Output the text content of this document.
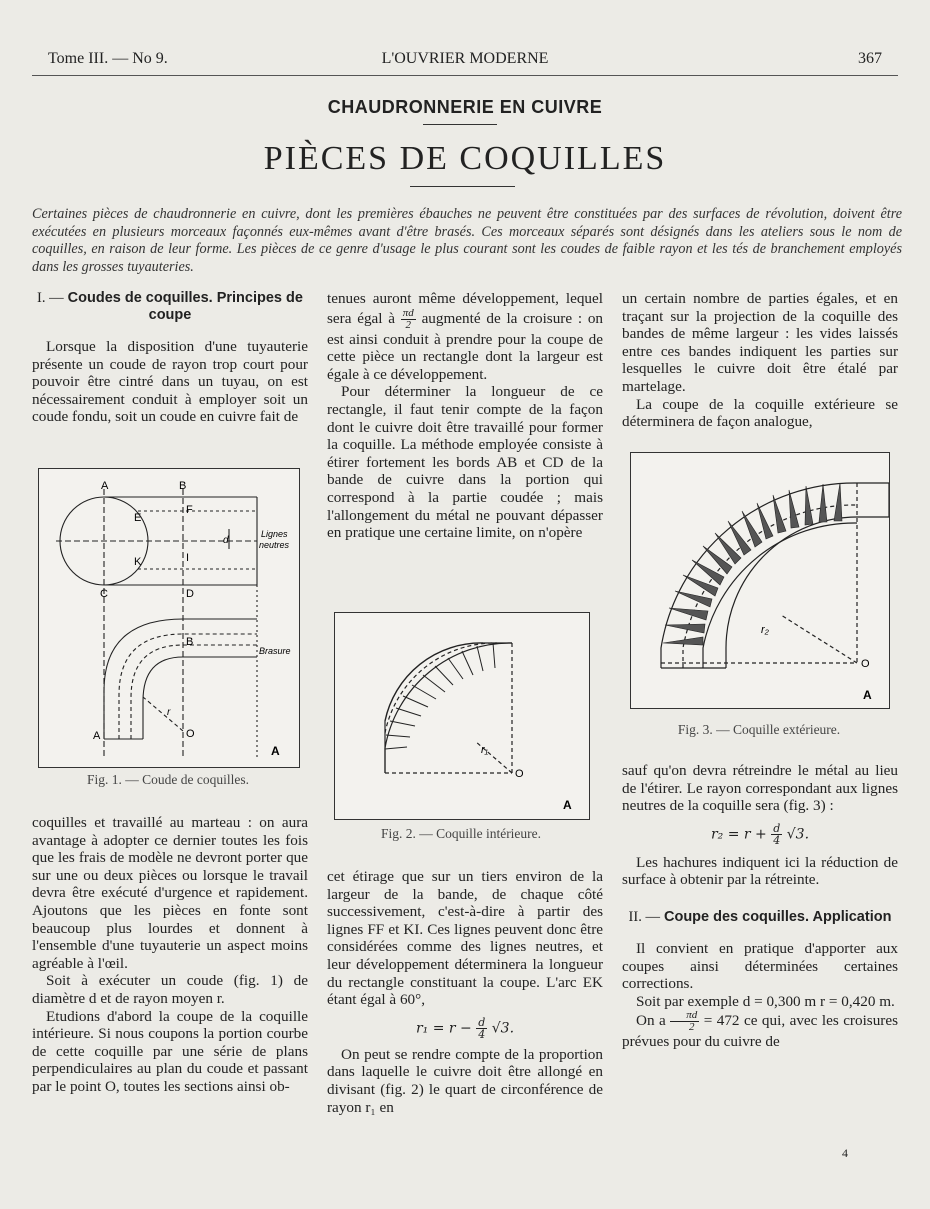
Tome III. — No 9.	L'OUVRIER MODERNE	367
CHAUDRONNERIE EN CUIVRE
PIÈCES DE COQUILLES

Certaines pièces de chaudronnerie en cuivre, dont les premières ébauches ne peuvent être constituées par des surfaces de révolution, doivent être exécutées en plusieurs morceaux façonnés eux-mêmes avant d'être brasés. Ces morceaux séparés sont désignés dans les ateliers sous le nom de coquilles, en raison de leur forme. Les pièces de ce genre d'usage le plus courant sont les coudes de faible rayon et les tés de branchement employés dans les grosses tuyauteries.

I. — Coudes de coquilles. Principes de coupe

Lorsque la disposition d'une tuyauterie présente un coude de rayon trop court pour pouvoir être cintré dans un tuyau, on est nécessairement conduit à employer soit un coude fondu, soit un coude en cuivre fait de

A	B
E
F
K	I
C	D
B
A	O
d
r
Lignes
neutres
Brasure
A
Fig. 1. — Coude de coquilles.

coquilles et travaillé au marteau : on aura avantage à adopter ce dernier toutes les fois que les frais de modèle ne devront porter que sur une ou deux pièces ou lorsque le travail devra être exécuté d'urgence et rapidement. Ajoutons que les pièces en fonte sont beaucoup plus lourdes et donnent à l'ensemble d'une tuyauterie un aspect moins agréable à l'œil.

Soit à exécuter un coude (fig. 1) de diamètre d et de rayon moyen r.

Etudions d'abord la coupe de la coquille intérieure. Si nous coupons la portion courbe de cette coquille par une série de plans perpendiculaires au plan du coude et passant par le point O, toutes les sections ainsi ob-

tenues auront même développement, lequel sera égal à $\frac{\pi d}{2}$ augmenté de la croisure : on est ainsi conduit à prendre pour la coupe de cette pièce un rectangle dont la largeur est égale à ce développement.

Pour déterminer la longueur de ce rectangle, il faut tenir compte de la façon dont le cuivre doit être travaillé pour former la coquille. La méthode employée consiste à étirer fortement les bords AB et CD de la bande de cuivre dans la portion qui correspond à la partie coudée ; mais l'allongement du métal ne pouvant dépasser en pratique une certaine limite, on n'opère

r₁
O
A
Fig. 2. — Coquille intérieure.

cet étirage que sur un tiers environ de la largeur de la bande, de chaque côté successivement, c'est-à-dire à partir des lignes FF et KI. Ces lignes peuvent donc être considérées comme des lignes neutres, et leur développement déterminera la longueur du rectangle constituant la coupe. L'arc EK étant égal à 60°,

$r_1 = r - \frac{d}{4} √3$.

On peut se rendre compte de la proportion dans laquelle le cuivre doit être allongé en divisant (fig. 2) le quart de circonférence de rayon r₁ en

un certain nombre de parties égales, et en traçant sur la projection de la coquille des bandes de même largeur : les vides laissés entre ces bandes indiquent les parties sur lesquelles le cuivre doit être étalé par martelage.

La coupe de la coquille extérieure se déterminera de façon analogue,

r₂
O
A
Fig. 3. — Coquille extérieure.

sauf qu'on devra rétreindre le métal au lieu de l'étirer. Le rayon correspondant aux lignes neutres de la coquille sera (fig. 3) :

$r_2 = r + \frac{d}{4} √3$.

Les hachures indiquent ici la réduction de surface à obtenir par la rétreinte.

II. — Coupe des coquilles. Application

Il convient en pratique d'apporter aux coupes ainsi déterminées certaines corrections.

Soit par exemple d = 0,300 m r = 0,420 m.

On a $\frac{\pi d}{2} = 472$ ce qui, avec les croisures prévues pour du cuivre de

4
